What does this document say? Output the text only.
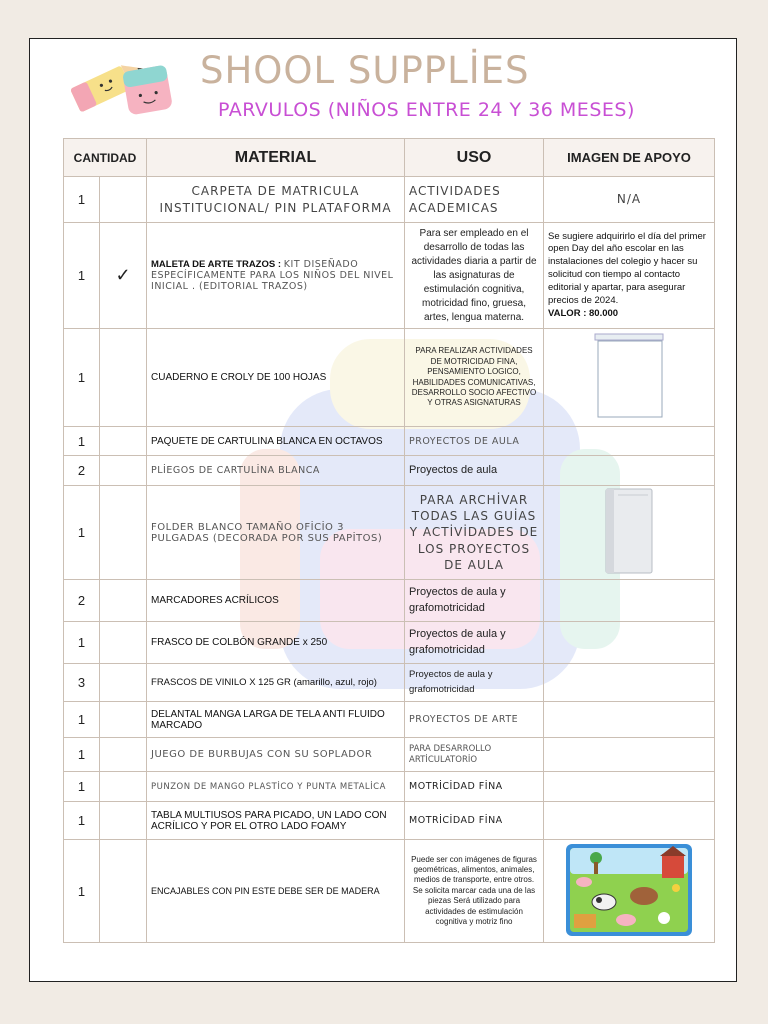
SHOOL SUPPLİES
PARVULOS (NIÑOS ENTRE 24 Y 36 MESES)
CANTIDAD		MATERIAL	USO	IMAGEN DE APOYO
1		CARPETA DE MATRICULA INSTITUCIONAL/ PIN PLATAFORMA	ACTIVIDADES ACADEMICAS	N/A
1	✓	MALETA DE ARTE TRAZOS : KIT DISEÑADO ESPECÍFICAMENTE PARA LOS NIÑOS DEL NIVEL INICIAL . (EDITORIAL TRAZOS)	Para ser empleado en el desarrollo de todas las actividades diaria a partir de las asignaturas de estimulación cognitiva, motricidad fino, gruesa, artes, lengua materna.	Se sugiere adquirirlo el día del primer open Day del año escolar en las instalaciones del colegio y hacer su solicitud con tiempo al contacto editorial y apartar, para asegurar precios de 2024.
VALOR : 80.000

1		CUADERNO E CROLY DE 100 HOJAS	PARA REALIZAR ACTIVIDADES DE MOTRICIDAD FINA, PENSAMIENTO LOGICO, HABILIDADES COMUNICATIVAS, DESARROLLO SOCIO AFECTIVO Y OTRAS ASIGNATURAS

1		PAQUETE DE CARTULINA BLANCA EN OCTAVOS	PROYECTOS DE AULA	
2		PLİEGOS DE CARTULİNA BLANCA	Proyectos de aula	
1		FOLDER BLANCO TAMAÑO OFİCİO 3 PULGADAS (DECORADA POR SUS PAPİTOS)	PARA ARCHİVAR TODAS LAS GUİAS Y ACTİVİDADES DE LOS PROYECTOS DE AULA	
2		MARCADORES ACRÍLICOS	Proyectos de aula y grafomotricidad	

1		FRASCO DE COLBÓN GRANDE x 250	Proyectos de aula y grafomotricidad	

3		FRASCOS DE VINILO X 125 GR (amarillo, azul, rojo)	Proyectos de aula y grafomotricidad	

1		DELANTAL MANGA LARGA DE TELA ANTI FLUIDO MARCADO	PROYECTOS DE ARTE	
1		JUEGO DE BURBUJAS CON SU SOPLADOR	PARA DESARROLLO ARTİCULATORİO	

1		PUNZON DE MANGO PLASTİCO Y PUNTA METALİCA	MOTRİCİDAD FİNA	
1		TABLA MULTIUSOS PARA PICADO, UN LADO CON ACRÍLICO Y POR EL OTRO LADO FOAMY	MOTRİCİDAD FİNA	
1		ENCAJABLES CON PIN ESTE DEBE SER DE MADERA	Puede ser con imágenes de figuras geométricas, alimentos, animales, medios de transporte, entre otros. Se solicita marcar cada una de las piezas Será utilizado para actividades de estimulación cognitiva y motriz fino
